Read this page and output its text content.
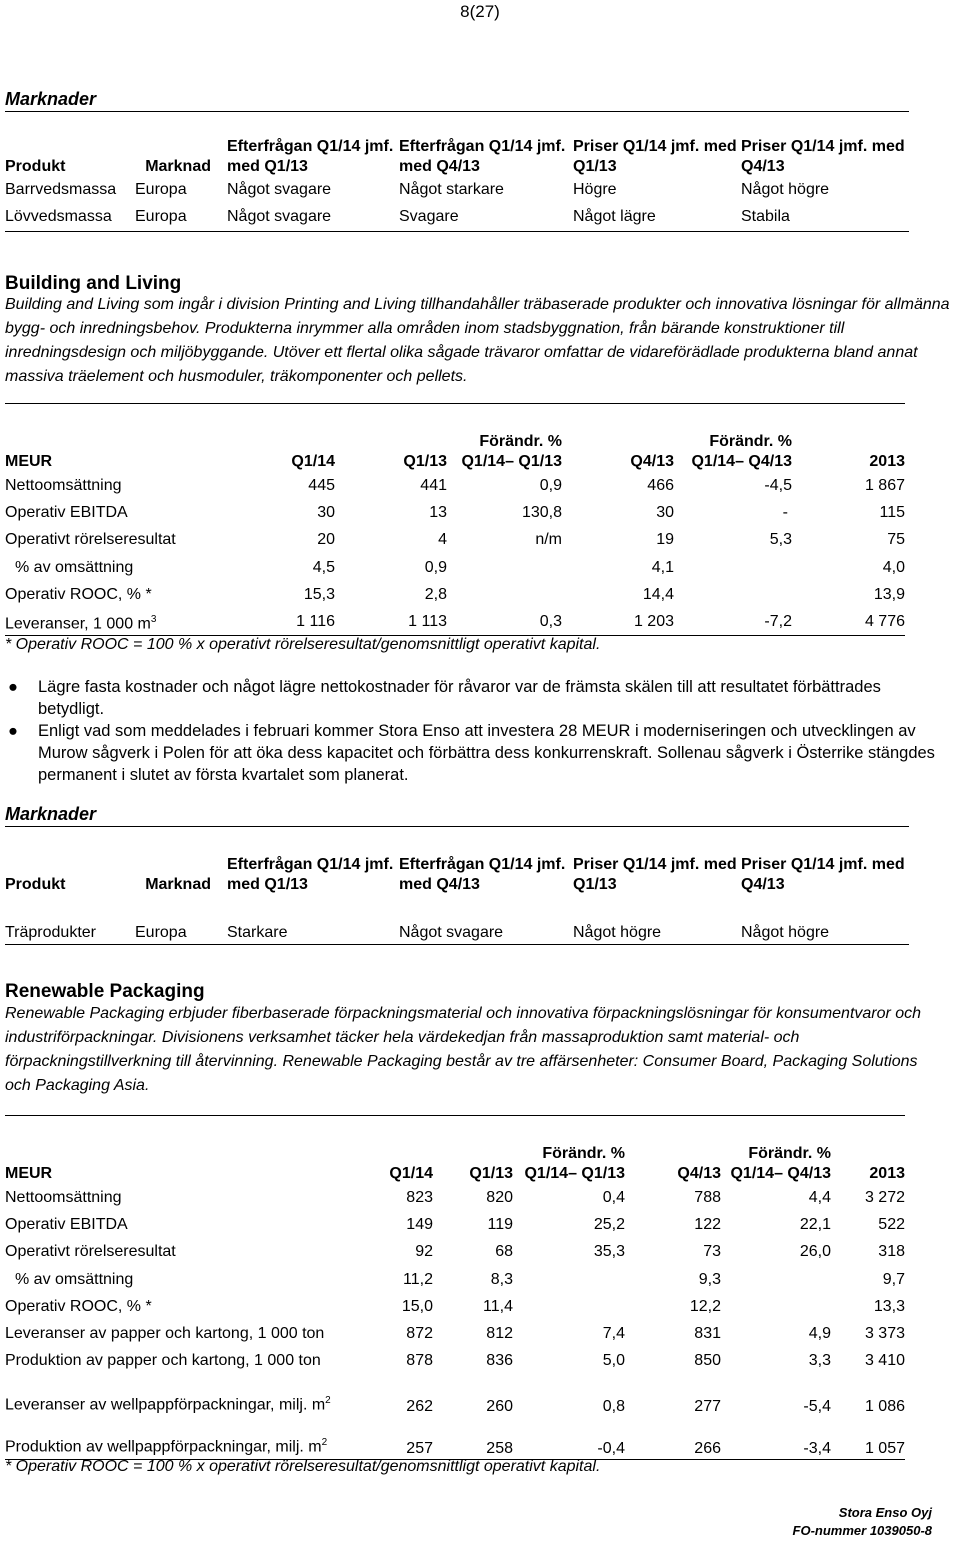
8(27)
Marknader
Produkt	Marknad	Efterfrågan Q1/14 jmf. med Q1/13	Efterfrågan Q1/14 jmf. med Q4/13	Priser Q1/14 jmf. med Q1/13	Priser Q1/14 jmf. med Q4/13
Barrvedsmassa	Europa	Något svagare	Något starkare	Högre	Något högre
Lövvedsmassa	Europa	Något svagare	Svagare	Något lägre	Stabila
Building and Living
Building and Living som ingår i division Printing and Living tillhandahåller träbaserade produkter och innovativa lösningar för allmänna bygg- och inredningsbehov. Produkterna inrymmer alla områden inom stadsbyggnation, från bärande konstruktioner till inredningsdesign och miljöbyggande. Utöver ett flertal olika sågade trävaror omfattar de vidareförädlade produkterna bland annat massiva träelement och husmoduler, träkomponenter och pellets.
MEUR	Q1/14	Q1/13	Förändr. % Q1/14– Q1/13	Q4/13	Förändr. % Q1/14– Q4/13	2013
Nettoomsättning	445	441	0,9	466	-4,5	1 867
Operativ EBITDA	30	13	130,8	30	-	115
Operativt rörelseresultat	20	4	n/m	19	5,3	75
% av omsättning	4,5	0,9		4,1		4,0
Operativ ROOC, % *	15,3	2,8		14,4		13,9
Leveranser, 1 000 $m^3$	1 116	1 113	0,3	1 203	-7,2	4 776
* Operativ ROOC = 100 % x operativt rörelseresultat/genomsnittligt operativt kapital.
● Lägre fasta kostnader och något lägre nettokostnader för råvaror var de främsta skälen till att resultatet förbättrades betydligt.
● Enligt vad som meddelades i februari kommer Stora Enso att investera 28 MEUR i moderniseringen och utvecklingen av Murow sågverk i Polen för att öka dess kapacitet och förbättra dess konkurrenskraft. Sollenau sågverk i Österrike stängdes permanent i slutet av första kvartalet som planerat.
Marknader
Produkt	Marknad	Efterfrågan Q1/14 jmf. med Q1/13	Efterfrågan Q1/14 jmf. med Q4/13	Priser Q1/14 jmf. med Q1/13	Priser Q1/14 jmf. med Q4/13
Träprodukter	Europa	Starkare	Något svagare	Något högre	Något högre
Renewable Packaging
Renewable Packaging erbjuder fiberbaserade förpackningsmaterial och innovativa förpackningslösningar för konsumentvaror och industriförpackningar. Divisionens verksamhet täcker hela värdekedjan från massaproduktion samt material- och förpackningstillverkning till återvinning. Renewable Packaging består av tre affärsenheter: Consumer Board, Packaging Solutions och Packaging Asia.
MEUR	Q1/14	Q1/13	Förändr. % Q1/14– Q1/13	Q4/13	Förändr. % Q1/14– Q4/13	2013
Nettoomsättning	823	820	0,4	788	4,4	3 272
Operativ EBITDA	149	119	25,2	122	22,1	522
Operativt rörelseresultat	92	68	35,3	73	26,0	318
% av omsättning	11,2	8,3		9,3		9,7
Operativ ROOC, % *	15,0	11,4		12,2		13,3
Leveranser av papper och kartong, 1 000 ton	872	812	7,4	831	4,9	3 373
Produktion av papper och kartong, 1 000 ton	878	836	5,0	850	3,3	3 410
Leveranser av wellpappförpackningar, milj. $m^2$	262	260	0,8	277	-5,4	1 086
Produktion av wellpappförpackningar, milj. $m^2$	257	258	-0,4	266	-3,4	1 057
* Operativ ROOC = 100 % x operativt rörelseresultat/genomsnittligt operativt kapital.
Stora Enso Oyj
FO-nummer 1039050-8
